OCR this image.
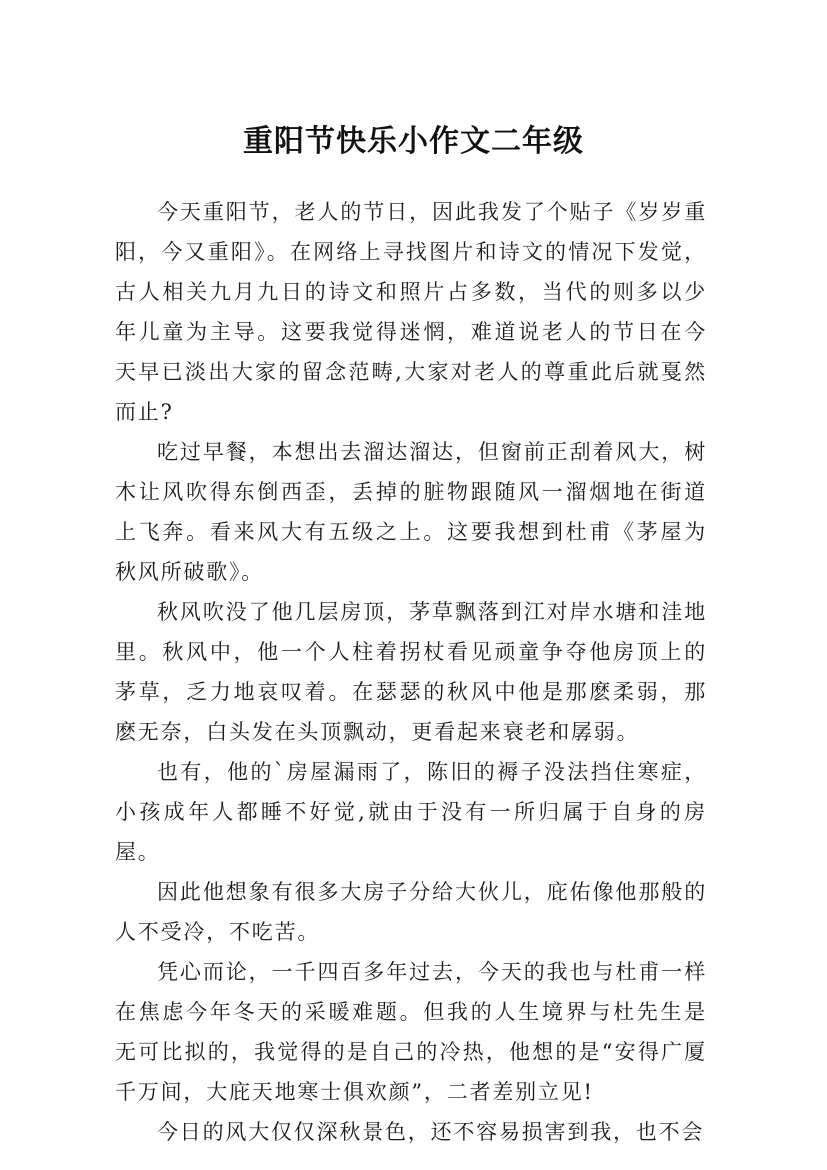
重阳节快乐小作文二年级

今天重阳节，老人的节日，因此我发了个贴子《岁岁重阳，今又重阳》。在网络上寻找图片和诗文的情况下发觉，古人相关九月九日的诗文和照片占多数，当代的则多以少年儿童为主导。这要我觉得迷惘，难道说老人的节日在今天早已淡出大家的留念范畴,大家对老人的尊重此后就戛然而止?

吃过早餐，本想出去溜达溜达，但窗前正刮着风大，树木让风吹得东倒西歪，丢掉的脏物跟随风一溜烟地在街道上飞奔。看来风大有五级之上。这要我想到杜甫《茅屋为秋风所破歌》。

秋风吹没了他几层房顶，茅草飘落到江对岸水塘和洼地里。秋风中，他一个人柱着拐杖看见顽童争夺他房顶上的茅草，乏力地哀叹着。在瑟瑟的秋风中他是那麽柔弱，那麽无奈，白头发在头顶飘动，更看起来衰老和孱弱。

也有，他的`房屋漏雨了，陈旧的褥子没法挡住寒症，小孩成年人都睡不好觉,就由于没有一所归属于自身的房屋。

因此他想象有很多大房子分给大伙儿，庇佑像他那般的人不受冷，不吃苦。

凭心而论，一千四百多年过去，今天的我也与杜甫一样在焦虑今年冬天的采暖难题。但我的人生境界与杜先生是无可比拟的，我觉得的是自己的冷热，他想的是“安得广厦千万间，大庇天地寒士俱欢颜”，二者差别立见!

今日的风大仅仅深秋景色，还不容易损害到我，也不会
